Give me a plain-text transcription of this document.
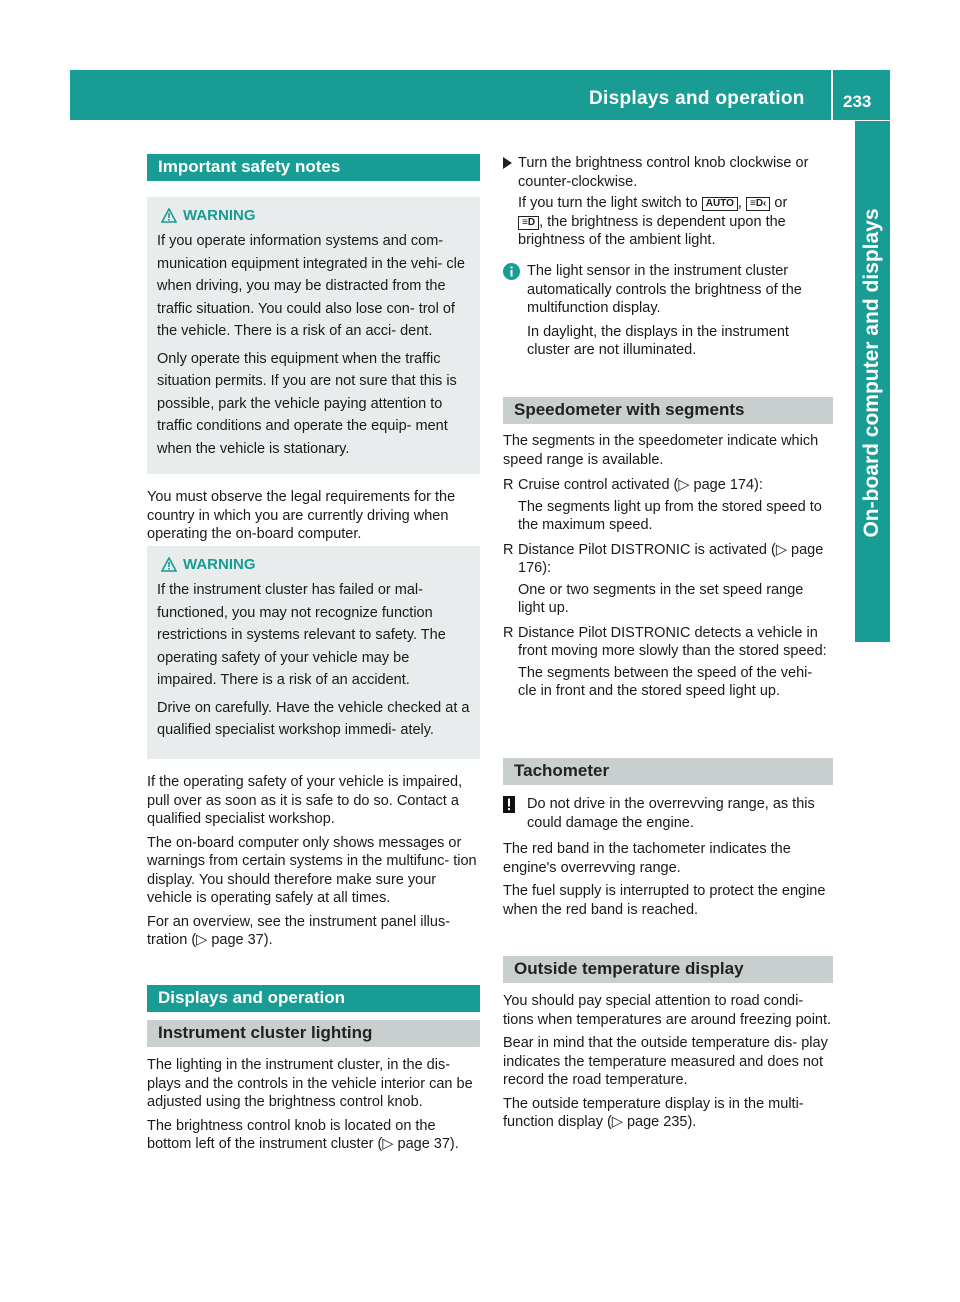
Displays and operation 233
On-board computer and displays
Important safety notes
WARNING

If you operate information systems and com- munication equipment integrated in the vehi- cle when driving, you may be distracted from the traffic situation. You could also lose con- trol of the vehicle. There is a risk of an acci- dent.

Only operate this equipment when the traffic situation permits. If you are not sure that this is possible, park the vehicle paying attention to traffic conditions and operate the equip- ment when the vehicle is stationary.

You must observe the legal requirements for the country in which you are currently driving when operating the on-board computer.

WARNING

If the instrument cluster has failed or mal- functioned, you may not recognize function restrictions in systems relevant to safety. The operating safety of your vehicle may be impaired. There is a risk of an accident.

Drive on carefully. Have the vehicle checked at a qualified specialist workshop immedi- ately.

If the operating safety of your vehicle is impaired, pull over as soon as it is safe to do so. Contact a qualified specialist workshop.

The on-board computer only shows messages or warnings from certain systems in the multifunc- tion display. You should therefore make sure your vehicle is operating safely at all times.

For an overview, see the instrument panel illus- tration (▷ page 37).

Displays and operation
Instrument cluster lighting

The lighting in the instrument cluster, in the dis- plays and the controls in the vehicle interior can be adjusted using the brightness control knob.

The brightness control knob is located on the bottom left of the instrument cluster (▷ page 37).

Turn the brightness control knob clockwise or counter-clockwise.

If you turn the light switch to AUTO , ≡D‹ or
≡D , the brightness is dependent upon the brightness of the ambient light.

The light sensor in the instrument cluster automatically controls the brightness of the multifunction display.

In daylight, the displays in the instrument cluster are not illuminated.

Speedometer with segments

The segments in the speedometer indicate which speed range is available.

R Cruise control activated (▷ page 174):

The segments light up from the stored speed to the maximum speed.

R Distance Pilot DISTRONIC is activated (▷ page 176):

One or two segments in the set speed range light up.

R Distance Pilot DISTRONIC detects a vehicle in front moving more slowly than the stored speed:

The segments between the speed of the vehi- cle in front and the stored speed light up.

Tachometer

Do not drive in the overrevving range, as this could damage the engine.

The red band in the tachometer indicates the engine's overrevving range.

The fuel supply is interrupted to protect the engine when the red band is reached.

Outside temperature display

You should pay special attention to road condi- tions when temperatures are around freezing point.

Bear in mind that the outside temperature dis- play indicates the temperature measured and does not record the road temperature.

The outside temperature display is in the multi- function display (▷ page 235).
